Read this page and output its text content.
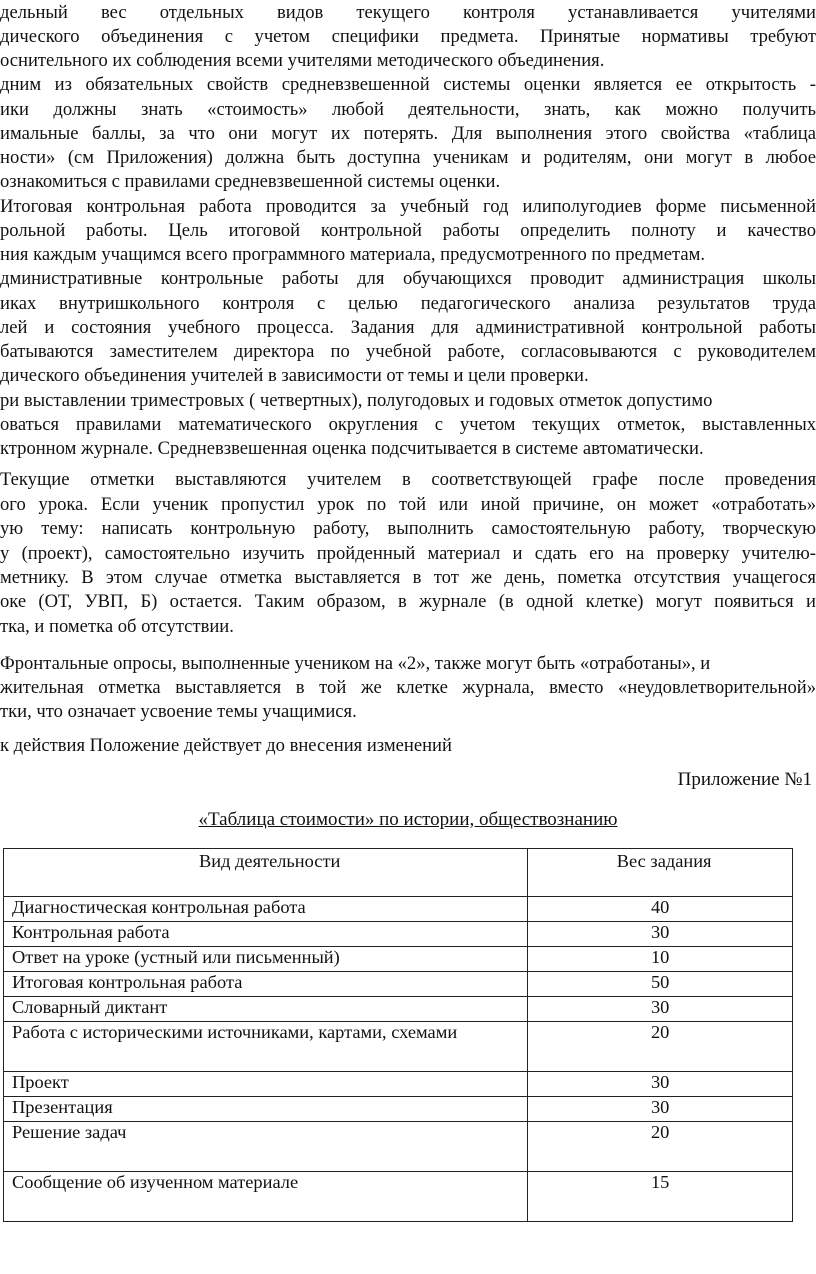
дельный вес отдельных видов текущего контроля устанавливается учителями
дического объединения с учетом специфики предмета. Принятые нормативы требуют
оснительного их соблюдения всеми учителями методического объединения.
дним из обязательных свойств средневзвешенной системы оценки является ее открытость -
ики должны знать «стоимость» любой деятельности, знать, как можно получить
имальные баллы, за что они могут их потерять. Для выполнения этого свойства «таблица
ности» (см Приложения) должна быть доступна ученикам и родителям, они могут в любое
ознакомиться с правилами средневзвешенной системы оценки.
Итоговая контрольная работа проводится за учебный год илиполугодиев форме письменной
рольной работы. Цель итоговой контрольной работы определить полноту и качество
ния каждым учащимся всего программного материала, предусмотренного по предметам.
дминистративные контрольные работы для обучающихся проводит администрация школы
иках внутришкольного контроля с целью педагогического анализа результатов труда
лей и состояния учебного процесса. Задания для административной контрольной работы
батываются заместителем директора по учебной работе, согласовываются с руководителем
дического объединения учителей в зависимости от темы и цели проверки.
ри выставлении триместровых ( четвертных), полугодовых и годовых отметок допустимо
оваться правилами математического округления с учетом текущих отметок, выставленных
ктронном журнале. Средневзвешенная оценка подсчитывается в системе автоматически.
Текущие отметки выставляются учителем в соответствующей графе после проведения
ого урока. Если ученик пропустил урок по той или иной причине, он может «отработать»
ую тему: написать контрольную работу, выполнить самостоятельную работу, творческую
у (проект), самостоятельно изучить пройденный материал и сдать его на проверку учителю-
метнику. В этом случае отметка выставляется в тот же день, пометка отсутствия учащегося
оке (ОТ, УВП, Б) остается. Таким образом, в журнале (в одной клетке) могут появиться и
тка, и пометка об отсутствии.
Фронтальные опросы, выполненные учеником на «2», также могут быть «отработаны», и
жительная отметка выставляется в той же клетке журнала, вместо «неудовлетворительной»
тки, что означает усвоение темы учащимися.
к действия Положение действует до внесения изменений
Приложение №1
«Таблица стоимости» по истории, обществознанию
Вид деятельности	Вес задания
Диагностическая контрольная работа	40
Контрольная работа	30
Ответ на уроке (устный или письменный)	10
Итоговая контрольная работа	50
Словарный диктант	30
Работа с историческими источниками, картами, схемами	20
Проект	30
Презентация	30
Решение задач	20
Сообщение об изученном материале	15
